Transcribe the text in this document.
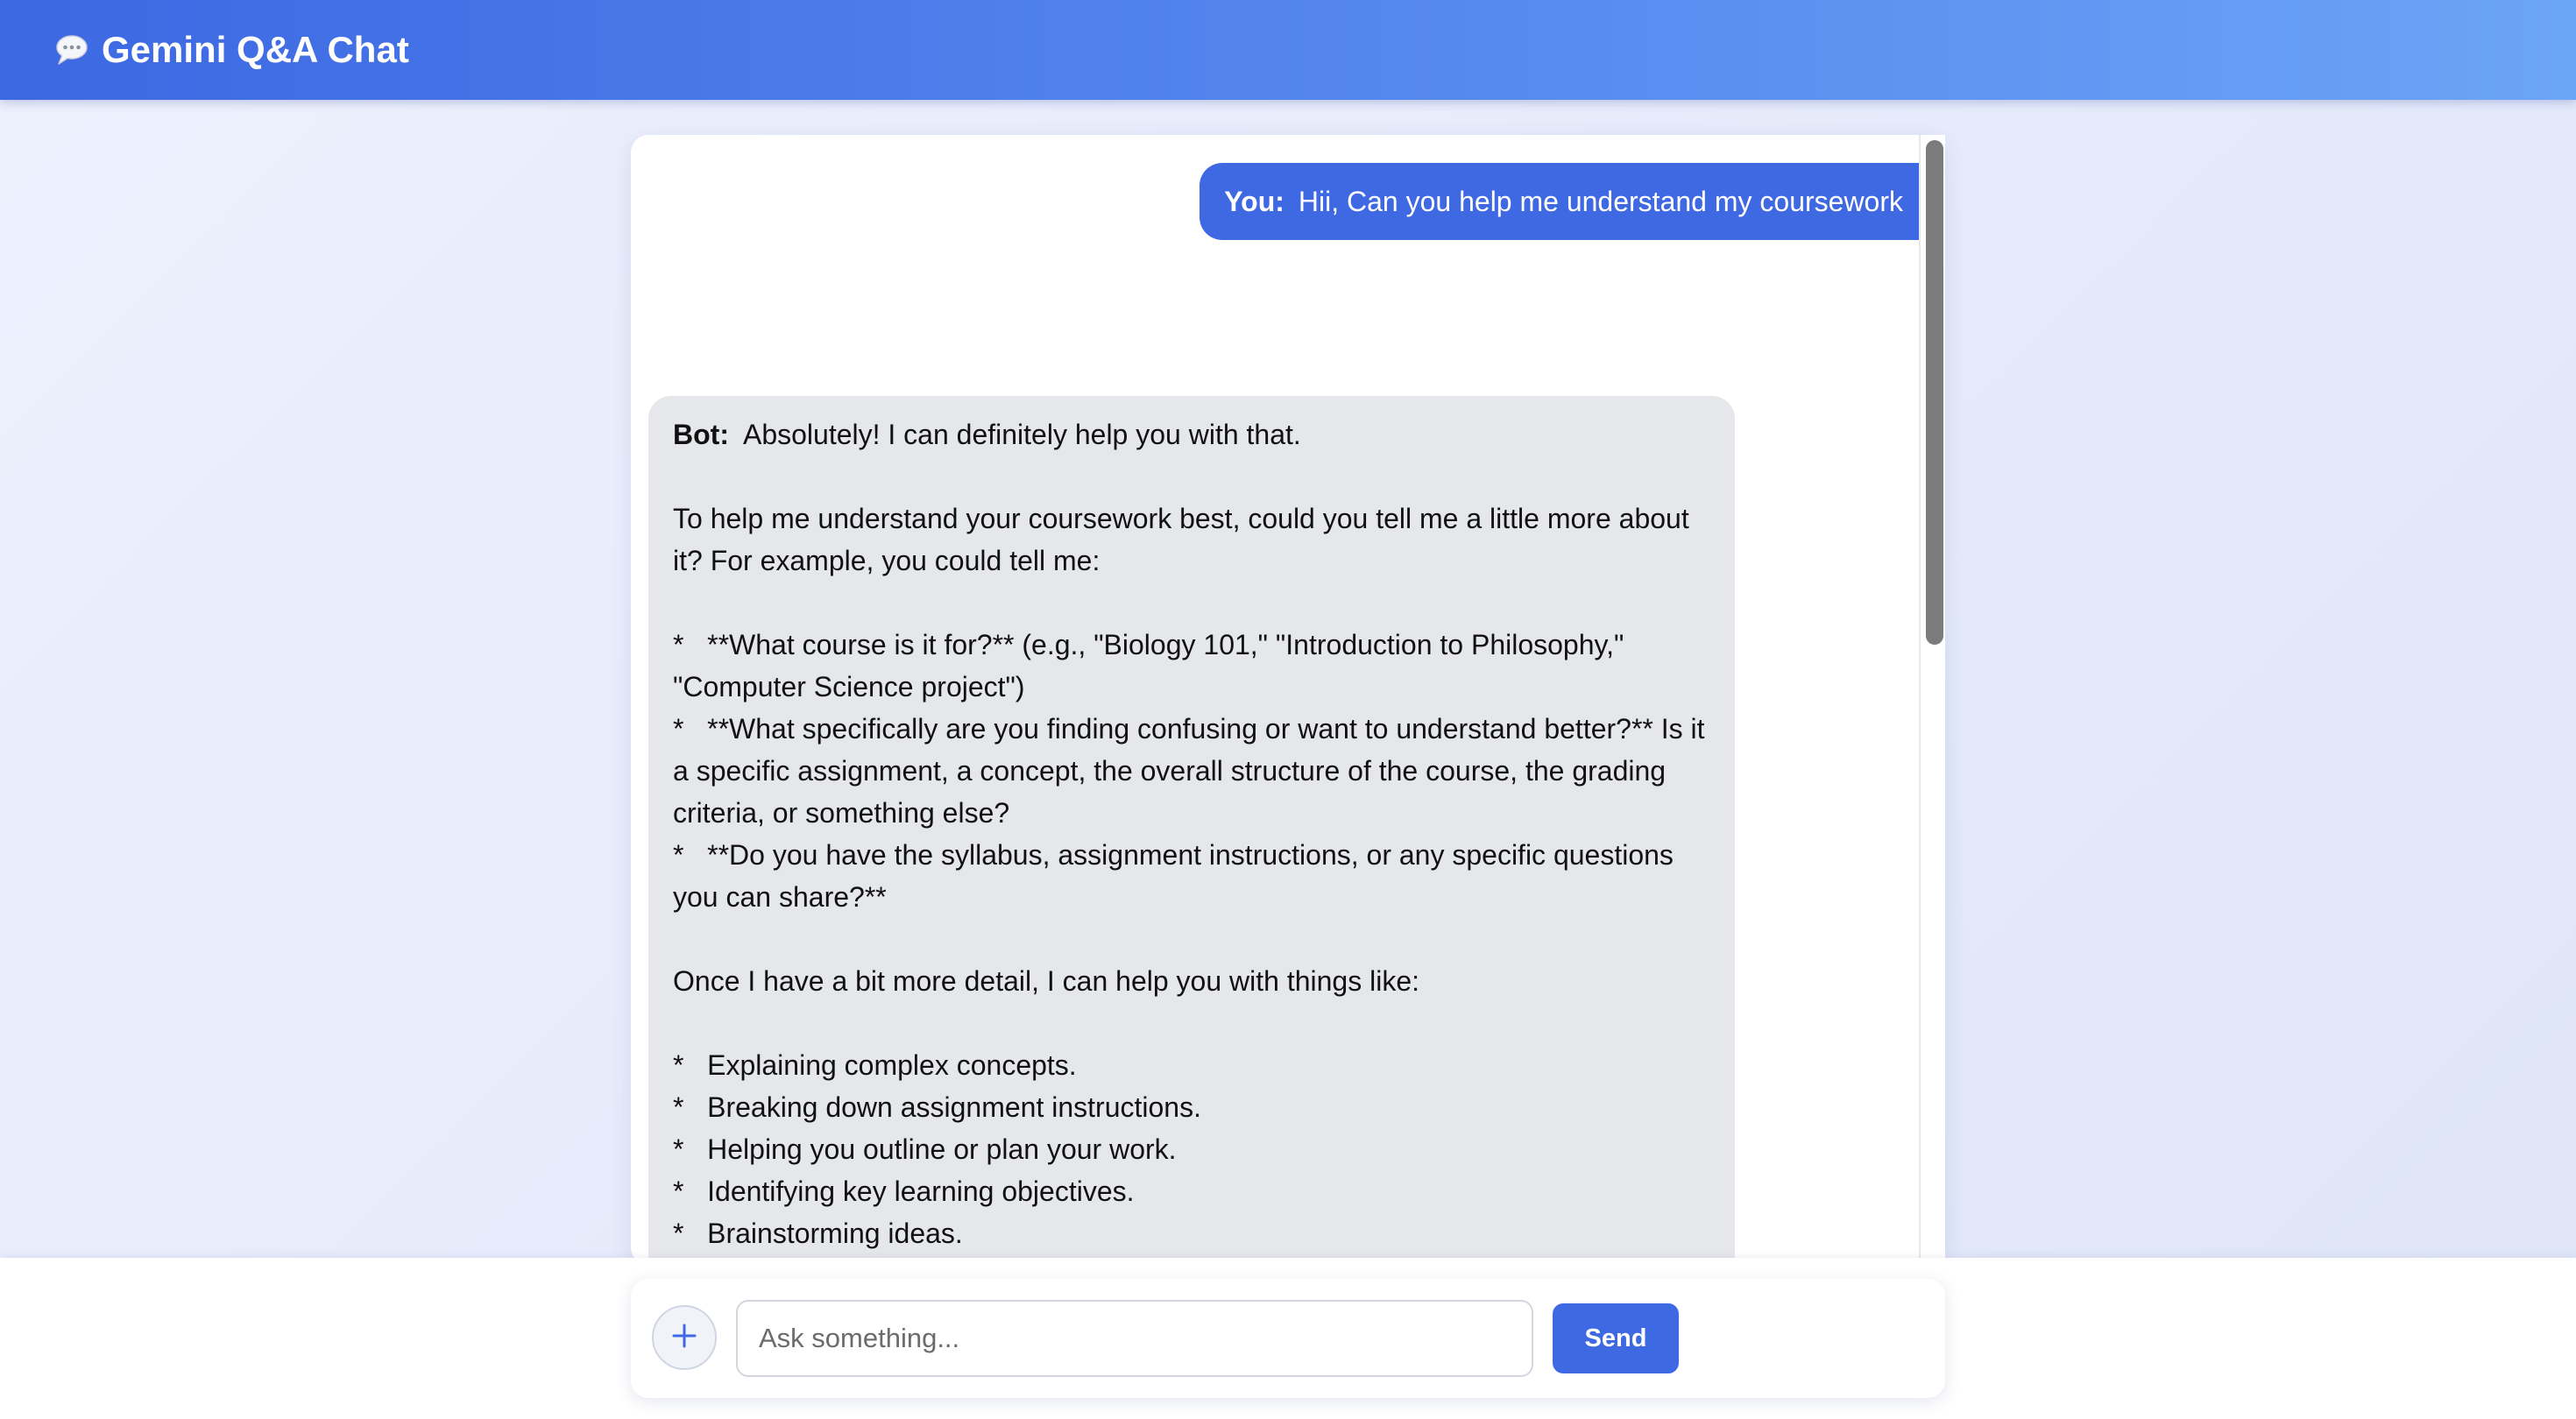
Gemini Q&A Chat
You: Hii, Can you help me understand my coursework
Bot: Absolutely! I can definitely help you with that.

To help me understand your coursework best, could you tell me a little more about it? For example, you could tell me:

*   **What course is it for?** (e.g., "Biology 101," "Introduction to Philosophy," "Computer Science project")
*   **What specifically are you finding confusing or want to understand better?** Is it a specific assignment, a concept, the overall structure of the course, the grading criteria, or something else?
*   **Do you have the syllabus, assignment instructions, or any specific questions you can share?**

Once I have a bit more detail, I can help you with things like:

*   Explaining complex concepts.
*   Breaking down assignment instructions.
*   Helping you outline or plan your work.
*   Identifying key learning objectives.
*   Brainstorming ideas.

Ask something...
Send
